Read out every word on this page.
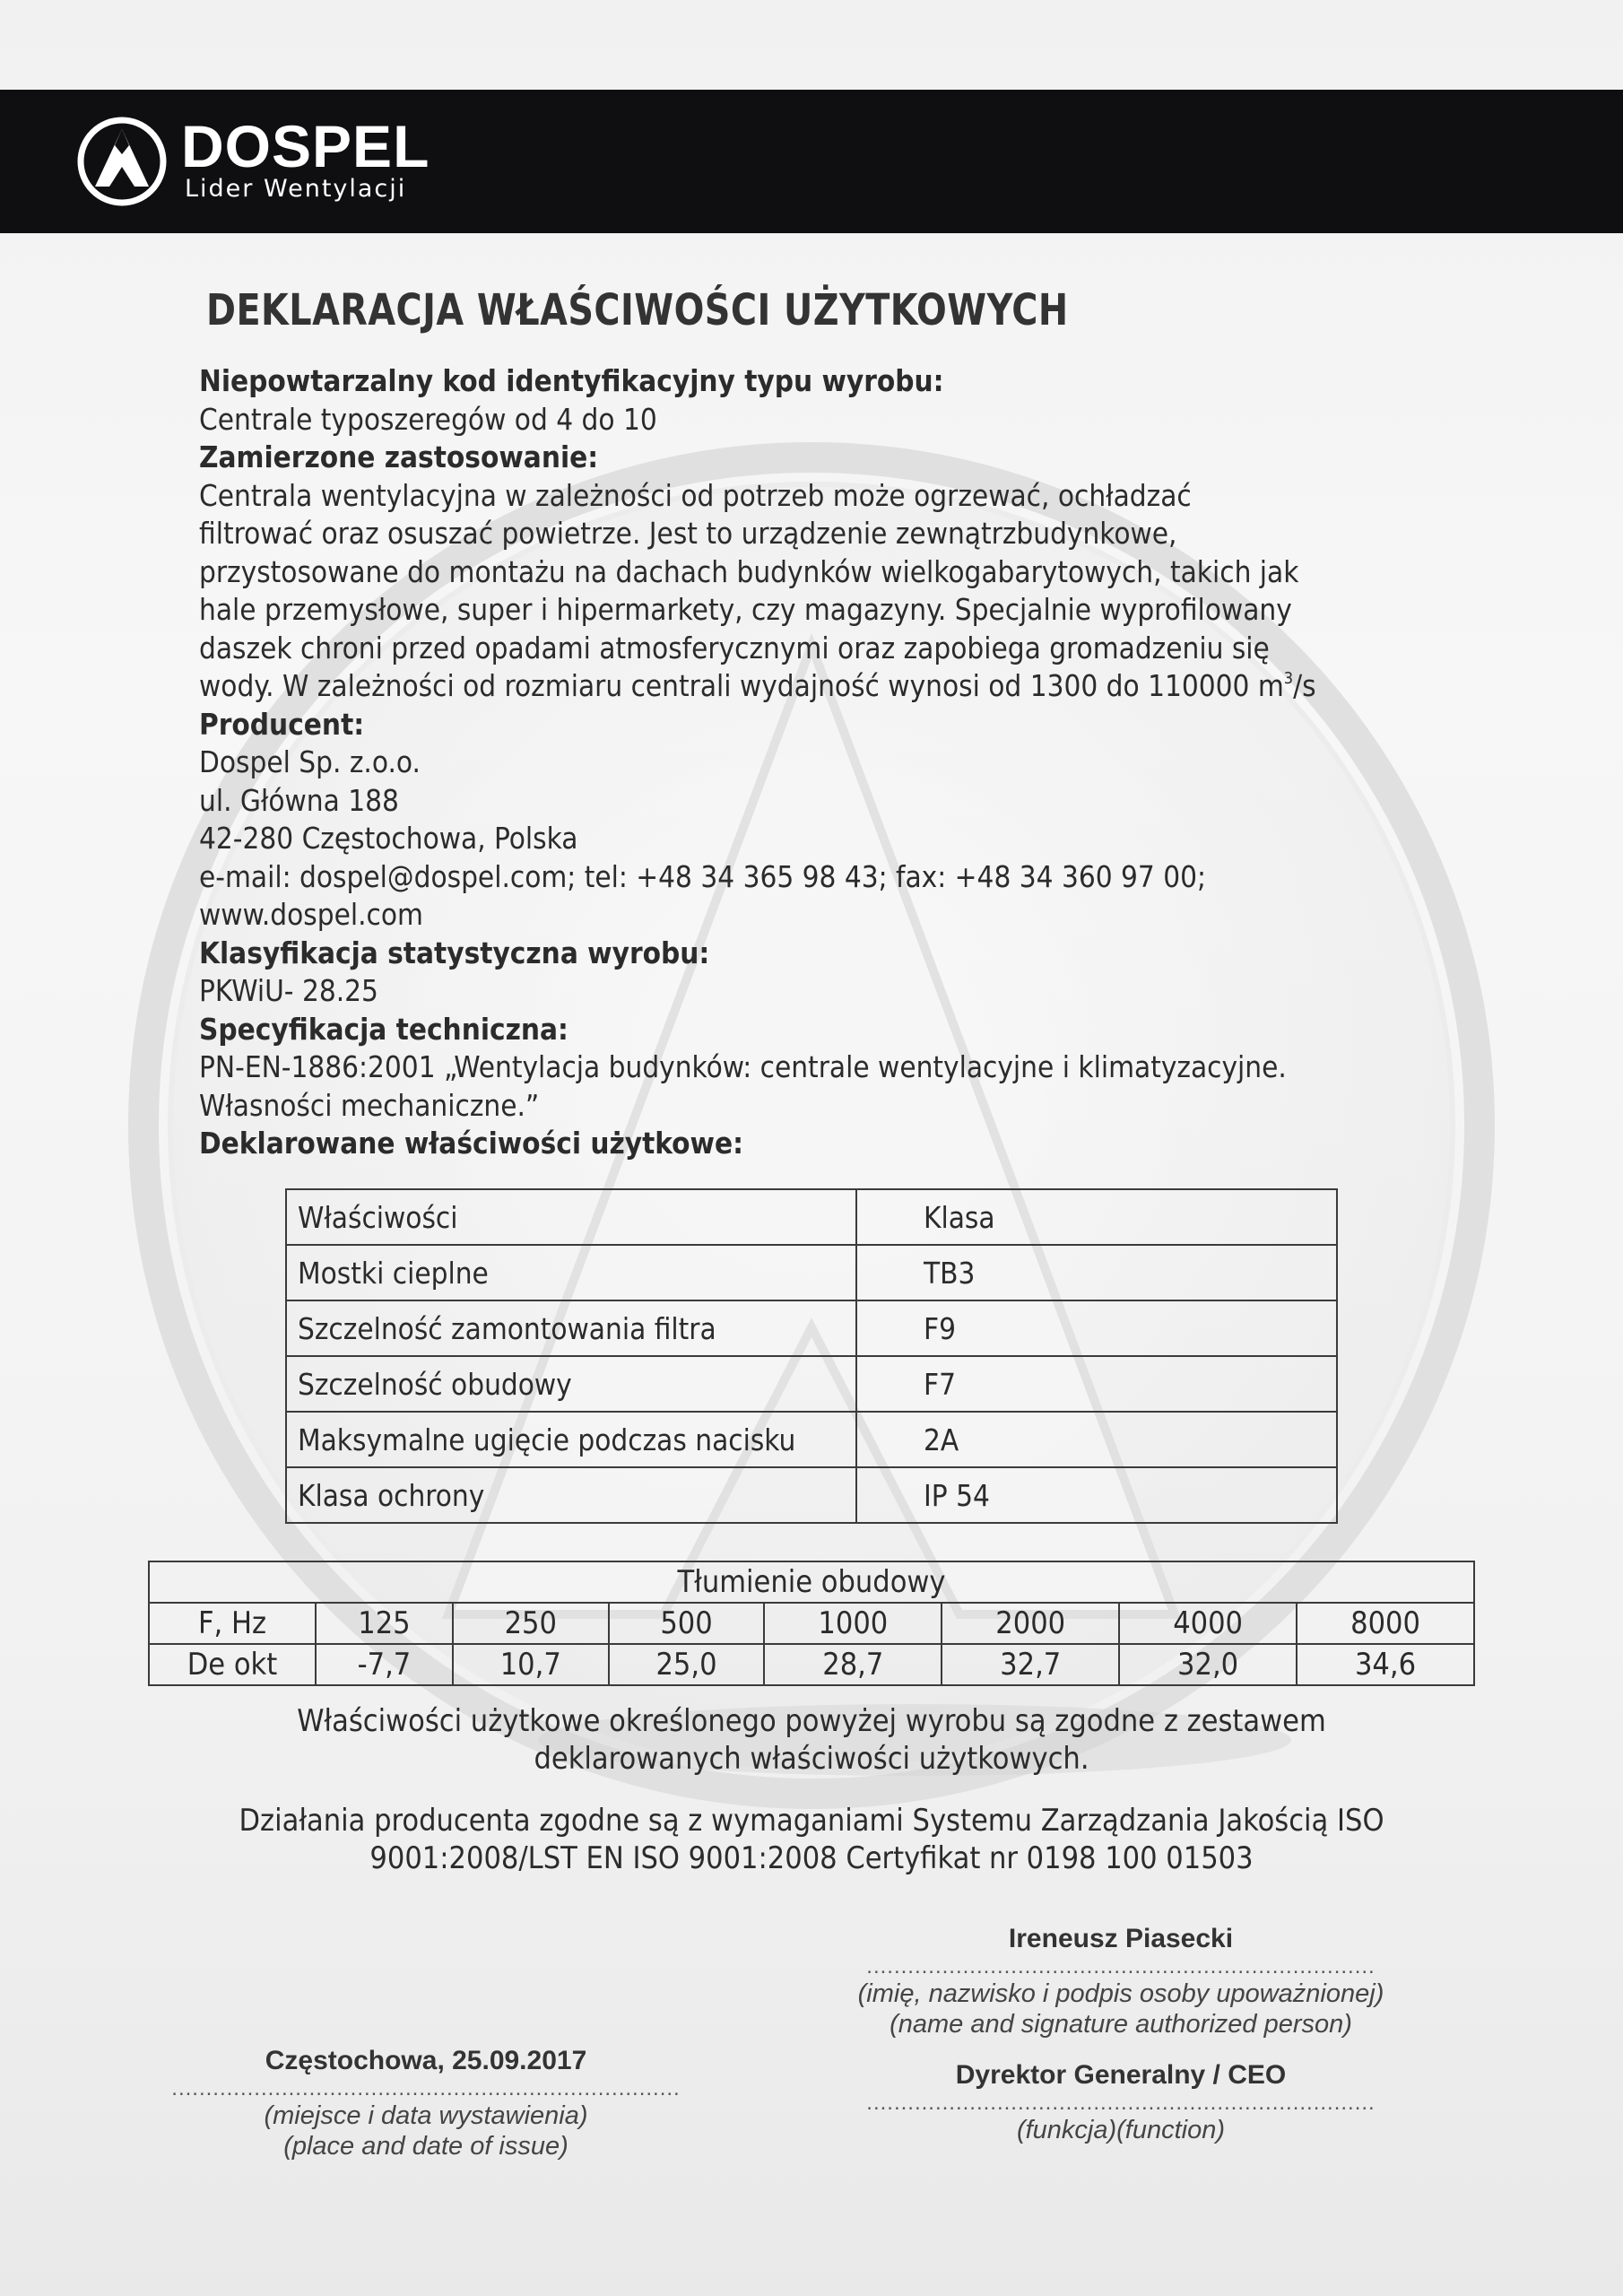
DOSPEL
Lider Wentylacji
DEKLARACJA WŁAŚCIWOŚCI UŻYTKOWYCH

Niepowtarzalny kod identyfikacyjny typu wyrobu:

Centrale typoszeregów od 4 do 10

Zamierzone zastosowanie:

Centrala wentylacyjna w zależności od potrzeb może ogrzewać, ochładzać

filtrować oraz osuszać powietrze. Jest to urządzenie zewnątrzbudynkowe,

przystosowane do montażu na dachach budynków wielkogabarytowych, takich jak

hale przemysłowe, super i hipermarkety, czy magazyny. Specjalnie wyprofilowany

daszek chroni przed opadami atmosferycznymi oraz zapobiega gromadzeniu się

wody. W zależności od rozmiaru centrali wydajność wynosi od 1300 do 110000 $m^3/s$

Producent:

Dospel Sp. z.o.o.

ul. Główna 188

42-280 Częstochowa, Polska

e-mail: dospel@dospel.com; tel: +48 34 365 98 43; fax: +48 34 360 97 00;

www.dospel.com

Klasyfikacja statystyczna wyrobu:

PKWiU- 28.25

Specyfikacja techniczna:

PN-EN-1886:2001 „Wentylacja budynków: centrale wentylacyjne i klimatyzacyjne.

Własności mechaniczne.”

Deklarowane właściwości użytkowe:

Właściwości	Klasa
Mostki cieplne	TB3
Szczelność zamontowania filtra	F9
Szczelność obudowy	F7
Maksymalne ugięcie podczas nacisku	2A
Klasa ochrony	IP 54
Tłumienie obudowy							
F, Hz	125	250	500	1000	2000	4000	8000
De okt	-7,7	10,7	25,0	28,7	32,7	32,0	34,6
Właściwości użytkowe określonego powyżej wyrobu są zgodne z zestawem
deklarowanych właściwości użytkowych.
Działania producenta zgodne są z wymaganiami Systemu Zarządzania Jakością ISO
9001:2008/LST EN ISO 9001:2008 Certyfikat nr 0198 100 01503
Ireneusz Piasecki
..........................................................................
(imię, nazwisko i podpis osoby upoważnionej)
(name and signature authorized person)
Dyrektor Generalny / CEO
..........................................................................
(funkcja)(function)
Częstochowa, 25.09.2017
..........................................................................
(miejsce i data wystawienia)
(place and date of issue)
